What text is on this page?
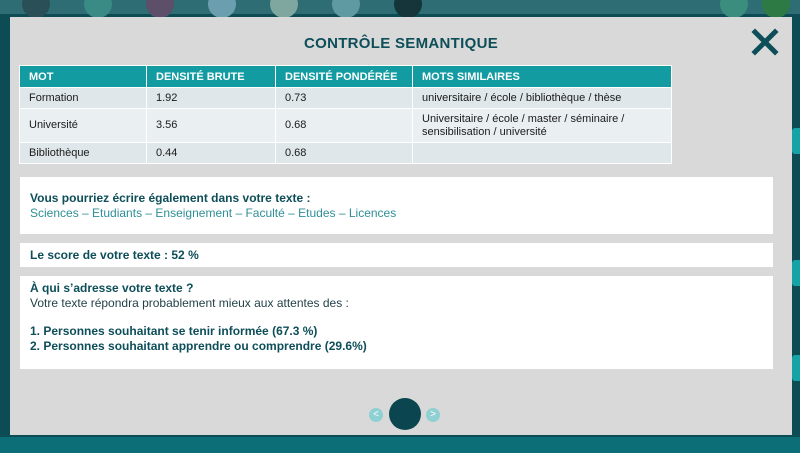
CONTRÔLE SEMANTIQUE
MOT	DENSITÉ BRUTE	DENSITÉ PONDÉRÉE	MOTS SIMILAIRES
Formation	1.92	0.73	universitaire / école / bibliothèque / thèse
Université	3.56	0.68	Universitaire / école / master / séminaire / sensibilisation / université
Bibliothèque	0.44	0.68	
Vous pourriez écrire également dans votre texte :
Sciences – Etudiants – Enseignement – Faculté – Etudes – Licences
Le score de votre texte : 52 %
À qui s’adresse votre texte ?
Votre texte répondra probablement mieux aux attentes des :
1. Personnes souhaitant se tenir informée (67.3 %)
2. Personnes souhaitant apprendre ou comprendre (29.6%)
<	>
